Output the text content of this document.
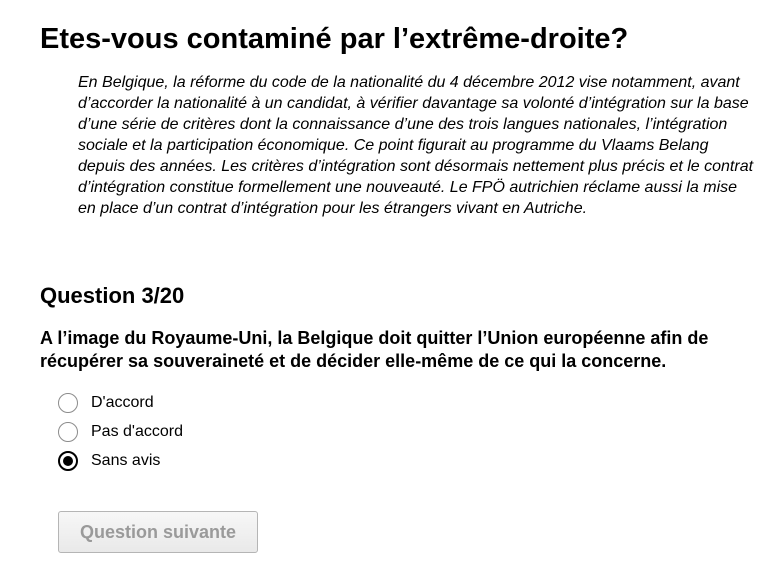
Etes-vous contaminé par l’extrême-droite?

En Belgique, la réforme du code de la nationalité du 4 décembre 2012 vise notamment, avant d’accorder la nationalité à un candidat, à vérifier davantage sa volonté d’intégration sur la base d’une série de critères dont la connaissance d’une des trois langues nationales, l’intégration sociale et la participation économique. Ce point figurait au programme du Vlaams Belang depuis des années. Les critères d’intégration sont désormais nettement plus précis et le contrat d’intégration constitue formellement une nouveauté. Le FPÖ autrichien réclame aussi la mise en place d’un contrat d’intégration pour les étrangers vivant en Autriche.

Question 3/20

A l’image du Royaume-Uni, la Belgique doit quitter l’Union européenne afin de récupérer sa souveraineté et de décider elle-même de ce qui la concerne.

D'accord
Pas d'accord
Sans avis
Question suivante
